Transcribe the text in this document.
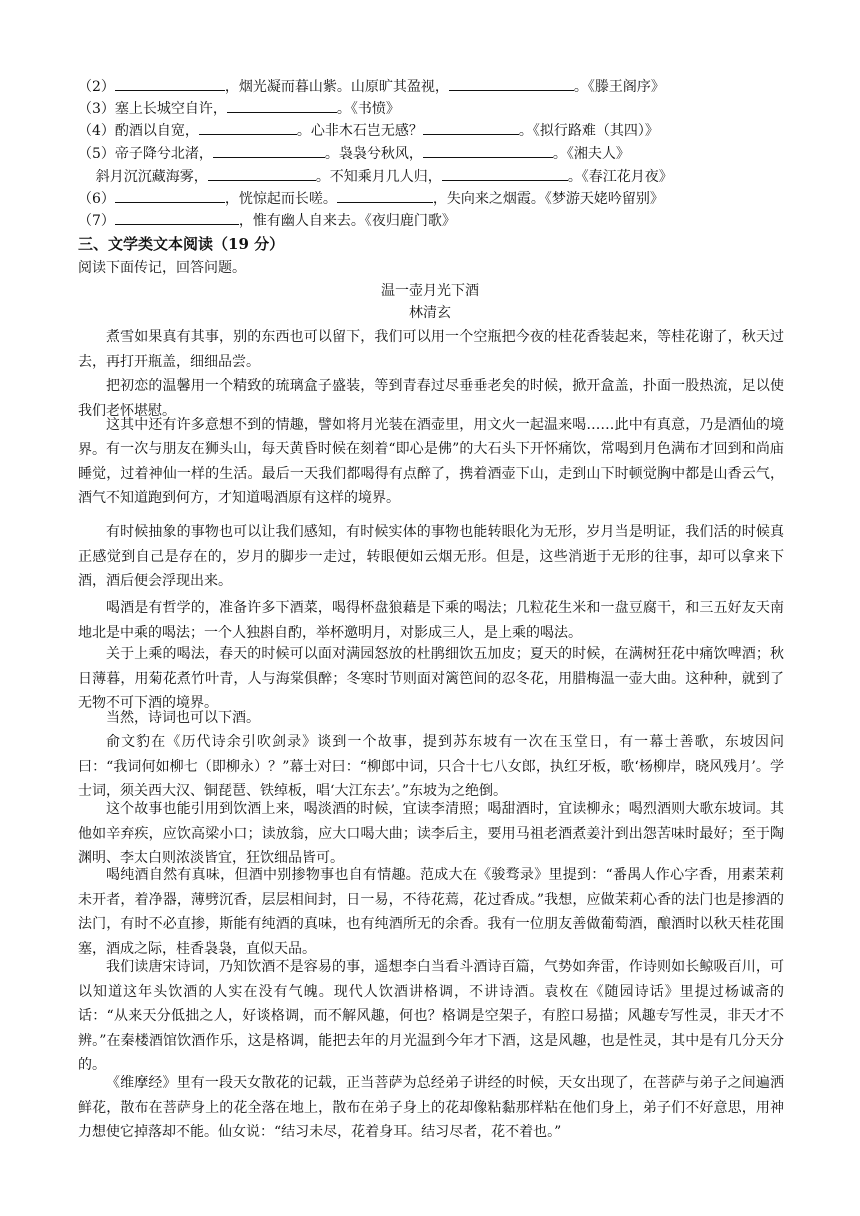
（2）	，烟光凝而暮山紫。山原旷其盈视，	。《滕王阁序》
（3）塞上长城空自许，	。《书愤》
（4）酌酒以自宽，	。心非木石岂无感？	。《拟行路难（其四）》
（5）帝子降兮北渚，	。袅袅兮秋风，	。《湘夫人》
斜月沉沉藏海雾，	。不知乘月几人归，	。《春江花月夜》
（6）	，恍惊起而长嗟。	，失向来之烟霞。《梦游天姥吟留别》
（7）	，惟有幽人自来去。《夜归鹿门歌》
三、文学类文本阅读（19 分）
阅读下面传记，回答问题。
温一壶月光下酒
林清玄

煮雪如果真有其事，别的东西也可以留下，我们可以用一个空瓶把今夜的桂花香装起来，等桂花谢了，秋天过去，再打开瓶盖，细细品尝。

把初恋的温馨用一个精致的琉璃盒子盛装，等到青春过尽垂垂老矣的时候，掀开盒盖，扑面一股热流，足以使我们老怀堪慰。

这其中还有许多意想不到的情趣，譬如将月光装在酒壶里，用文火一起温来喝……此中有真意，乃是酒仙的境界。 有一次与朋友在狮头山，每天黄昏时候在刻着“即心是佛”的大石头下开怀痛饮，常喝到月色满布才回到和尚庙睡觉，过着神仙一样的生活。最后一天我们都喝得有点醉了，携着酒壶下山，走到山下时顿觉胸中都是山香云气，酒气不知道跑到何方，才知道喝酒原有这样的境界。

有时候抽象的事物也可以让我们感知，有时候实体的事物也能转眼化为无形，岁月当是明证，我们活的时候真正感觉到自己是存在的，岁月的脚步一走过，转眼便如云烟无形。但是，这些消逝于无形的往事，却可以拿来下酒，酒后便会浮现出来。

喝酒是有哲学的，准备许多下酒菜，喝得杯盘狼藉是下乘的喝法；几粒花生米和一盘豆腐干，和三五好友天南地北是中乘的喝法；一个人独斟自酌，举杯邀明月，对影成三人，是上乘的喝法。

关于上乘的喝法，春天的时候可以面对满园怒放的杜鹃细饮五加皮；夏天的时候，在满树狂花中痛饮啤酒；秋日薄暮，用菊花煮竹叶青，人与海棠俱醉；冬寒时节则面对篱笆间的忍冬花，用腊梅温一壶大曲。这种种，就到了无物不可下酒的境界。

当然，诗词也可以下酒。

俞文豹在《历代诗余引吹剑录》谈到一个故事，提到苏东坡有一次在玉堂日，有一幕士善歌，东坡因问曰：“我词何如柳七（即柳永）？”幕士对曰：“柳郎中词，只合十七八女郎，执红牙板，歌‘杨柳岸，晓风残月’。学士词，须关西大汉、铜琵琶、铁绰板，唱‘大江东去’。”东坡为之绝倒。

这个故事也能引用到饮酒上来，喝淡酒的时候，宜读李清照；喝甜酒时，宜读柳永；喝烈酒则大歌东坡词。其他如辛弃疾，应饮高梁小口；读放翁，应大口喝大曲；读李后主，要用马祖老酒煮姜汁到出怨苦味时最好；至于陶渊明、李太白则浓淡皆宜，狂饮细品皆可。

喝纯酒自然有真味，但酒中别掺物事也自有情趣。范成大在《骏骛录》里提到：“番禺人作心字香，用素茉莉未开者，着净器，薄劈沉香，层层相间封，日一易，不待花蔫，花过香成。”我想，应做茉莉心香的法门也是掺酒的法门，有时不必直掺，斯能有纯酒的真味，也有纯酒所无的余香。我有一位朋友善做葡萄酒，酿酒时以秋天桂花围塞，酒成之际，桂香袅袅，直似天品。

我们读唐宋诗词，乃知饮酒不是容易的事，遥想李白当看斗酒诗百篇，气势如奔雷，作诗则如长鲸吸百川，可以知道这年头饮酒的人实在没有气魄。现代人饮酒讲格调，不讲诗酒。袁枚在《随园诗话》里提过杨诚斋的话：“从来天分低拙之人，好谈格调，而不解风趣，何也？格调是空架子，有腔口易描；风趣专写性灵，非天才不辨。”在秦楼酒馆饮酒作乐，这是格调，能把去年的月光温到今年才下酒，这是风趣，也是性灵，其中是有几分天分的。

《维摩经》里有一段天女散花的记载，正当菩萨为总经弟子讲经的时候，天女出现了，在菩萨与弟子之间遍洒鲜花，散布在菩萨身上的花全落在地上，散布在弟子身上的花却像粘黏那样粘在他们身上，弟子们不好意思，用神力想使它掉落却不能。仙女说：“结习未尽，花着身耳。结习尽者，花不着也。”
